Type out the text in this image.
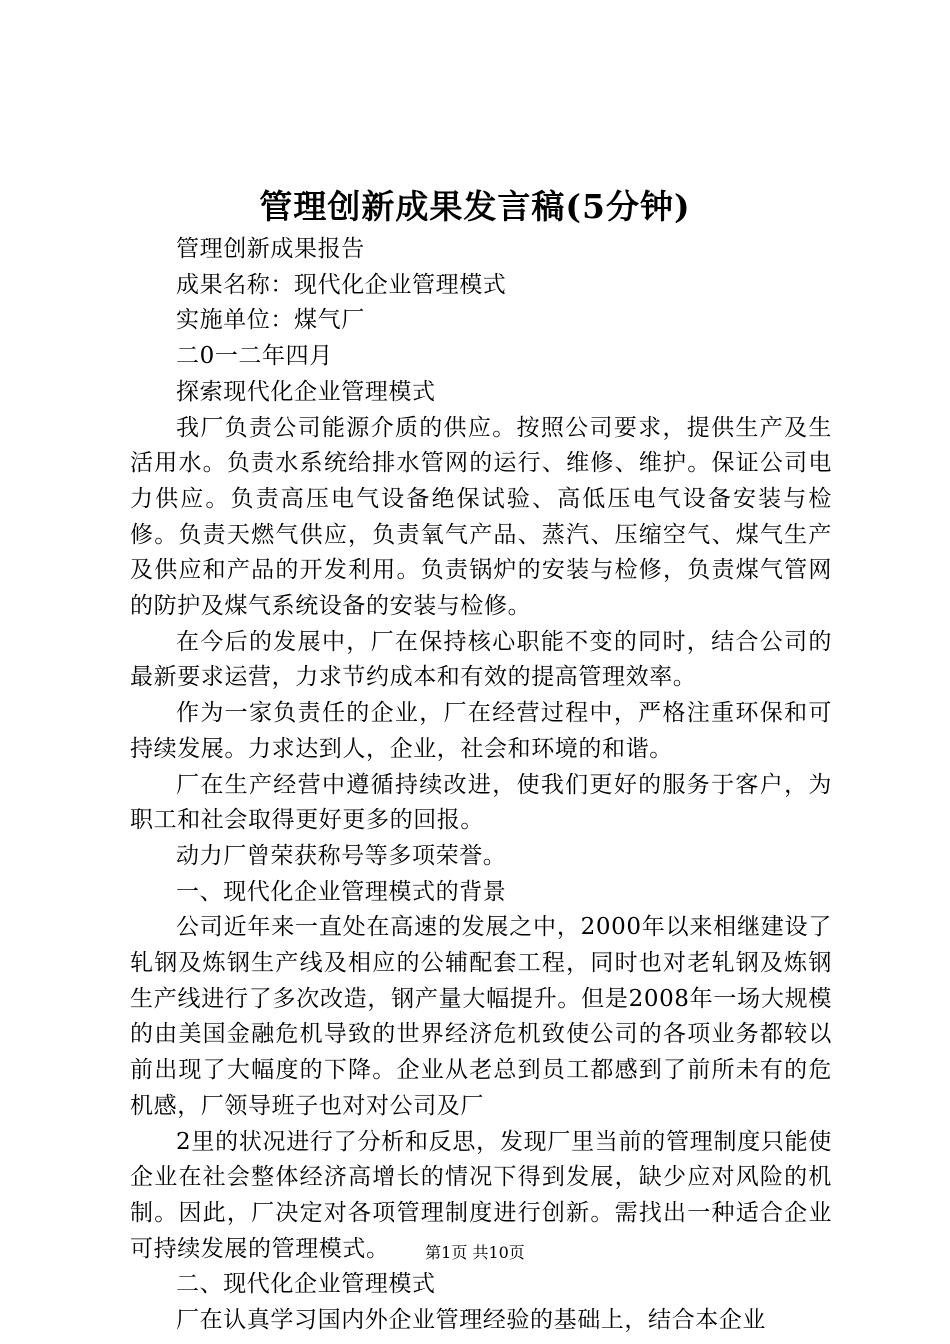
管理创新成果发言稿(5分钟)

管理创新成果报告

成果名称：现代化企业管理模式

实施单位：煤气厂

二0一二年四月

探索现代化企业管理模式

我厂负责公司能源介质的供应。按照公司要求，提供生产及生活用水。负责水系统给排水管网的运行、维修、维护。保证公司电力供应。负责高压电气设备绝保试验、高低压电气设备安装与检修。负责天燃气供应，负责氧气产品、蒸汽、压缩空气、煤气生产及供应和产品的开发利用。负责锅炉的安装与检修，负责煤气管网的防护及煤气系统设备的安装与检修。

在今后的发展中，厂在保持核心职能不变的同时，结合公司的最新要求运营，力求节约成本和有效的提高管理效率。

作为一家负责任的企业，厂在经营过程中，严格注重环保和可持续发展。力求达到人，企业，社会和环境的和谐。

厂在生产经营中遵循持续改进，使我们更好的服务于客户，为职工和社会取得更好更多的回报。

动力厂曾荣获称号等多项荣誉。

一、现代化企业管理模式的背景

公司近年来一直处在高速的发展之中，2000年以来相继建设了轧钢及炼钢生产线及相应的公辅配套工程，同时也对老轧钢及炼钢生产线进行了多次改造，钢产量大幅提升。但是2008年一场大规模的由美国金融危机导致的世界经济危机致使公司的各项业务都较以前出现了大幅度的下降。企业从老总到员工都感到了前所未有的危机感，厂领导班子也对对公司及厂

2里的状况进行了分析和反思，发现厂里当前的管理制度只能使企业在社会整体经济高增长的情况下得到发展，缺少应对风险的机制。因此，厂决定对各项管理制度进行创新。需找出一种适合企业可持续发展的管理模式。

二、现代化企业管理模式

厂在认真学习国内外企业管理经验的基础上，结合本企业

第1页 共10页
